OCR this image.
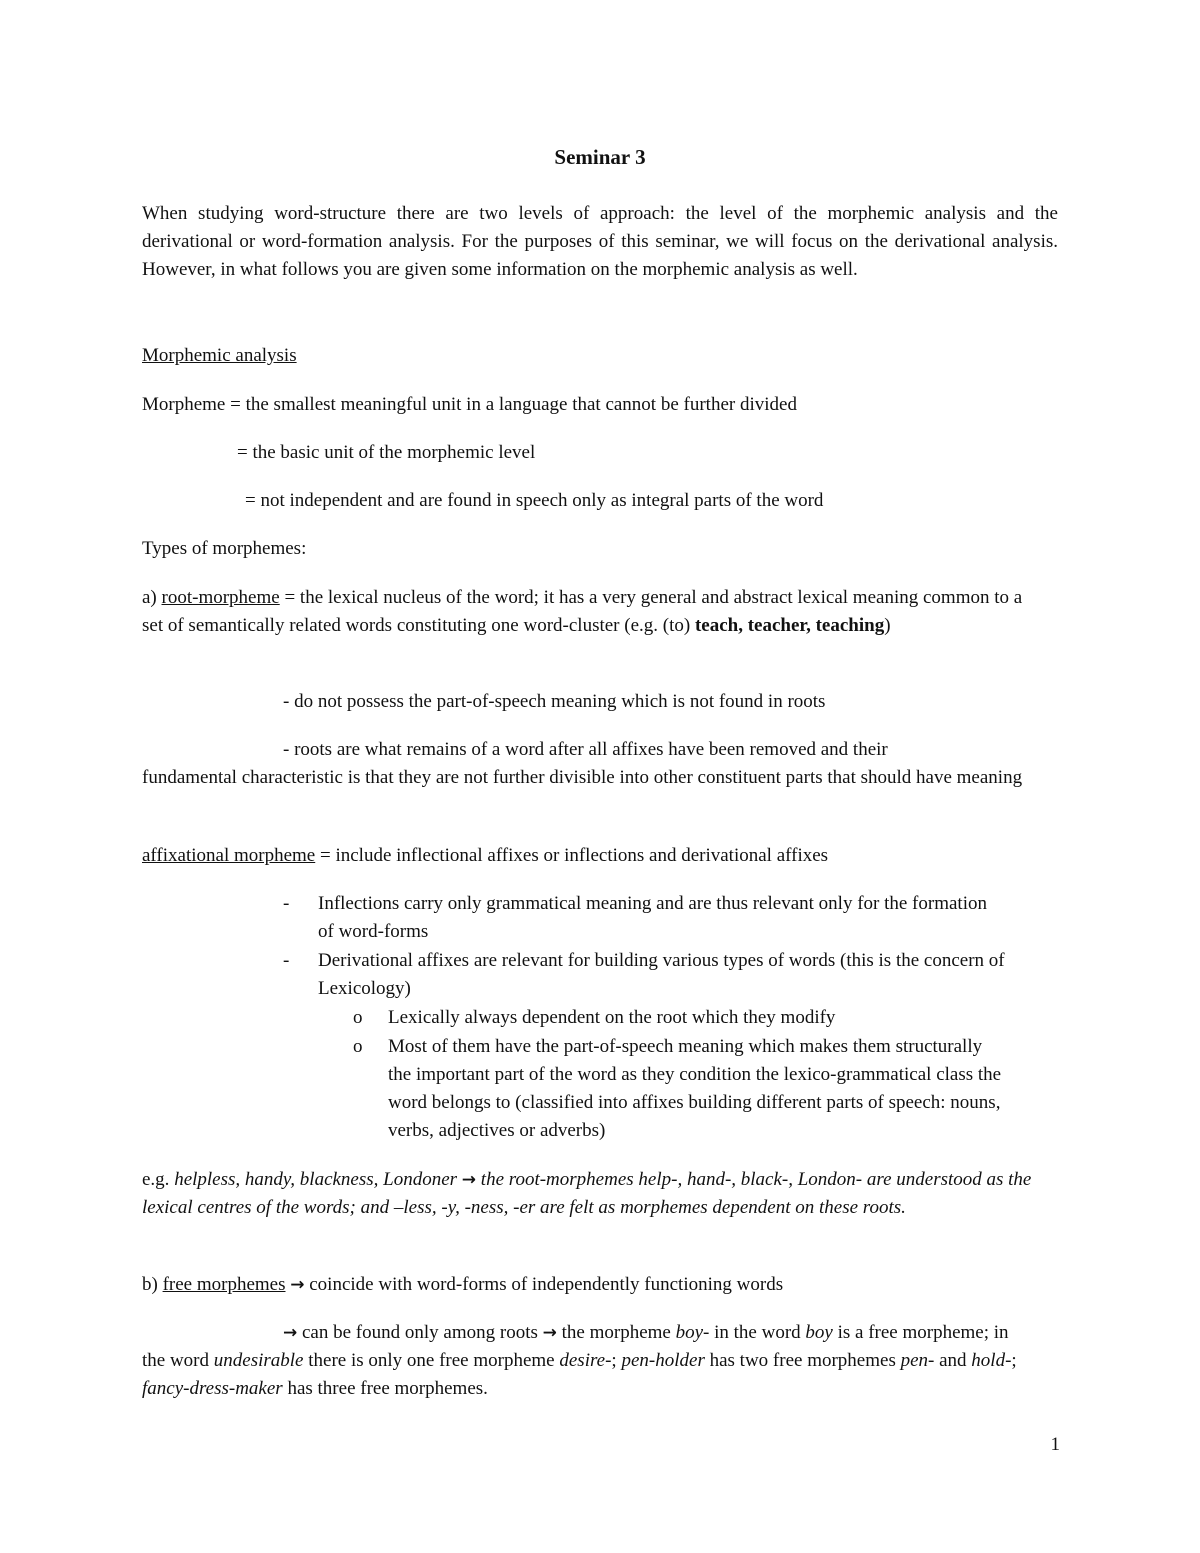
Seminar 3

When studying word-structure there are two levels of approach: the level of the morphemic analysis and the derivational or word-formation analysis. For the purposes of this seminar, we will focus on the derivational analysis. However, in what follows you are given some information on the morphemic analysis as well.

Morphemic analysis

Morpheme = the smallest meaningful unit in a language that cannot be further divided

= the basic unit of the morphemic level

= not independent and are found in speech only as integral parts of the word

Types of morphemes:

a) root-morpheme = the lexical nucleus of the word; it has a very general and abstract lexical meaning common to a set of semantically related words constituting one word-cluster (e.g. (to) teach, teacher, teaching)

- do not possess the part-of-speech meaning which is not found in roots

- roots are what remains of a word after all affixes have been removed and their
fundamental characteristic is that they are not further divisible into other constituent parts that should have meaning

affixational morpheme = include inflectional affixes or inflections and derivational affixes

- Inflections carry only grammatical meaning and are thus relevant only for the formation of word-forms
- Derivational affixes are relevant for building various types of words (this is the concern of Lexicology)
o Lexically always dependent on the root which they modify
o Most of them have the part-of-speech meaning which makes them structurally the important part of the word as they condition the lexico-grammatical class the word belongs to (classified into affixes building different parts of speech: nouns, verbs, adjectives or adverbs)

e.g. helpless, handy, blackness, Londoner → the root-morphemes help-, hand-, black-, London- are understood as the lexical centres of the words; and –less, -y, -ness, -er are felt as morphemes dependent on these roots.

b) free morphemes → coincide with word-forms of independently functioning words

→ can be found only among roots → the morpheme boy- in the word boy is a free morpheme; in the word undesirable there is only one free morpheme desire-; pen-holder has two free morphemes pen- and hold-; fancy-dress-maker has three free morphemes.

1
